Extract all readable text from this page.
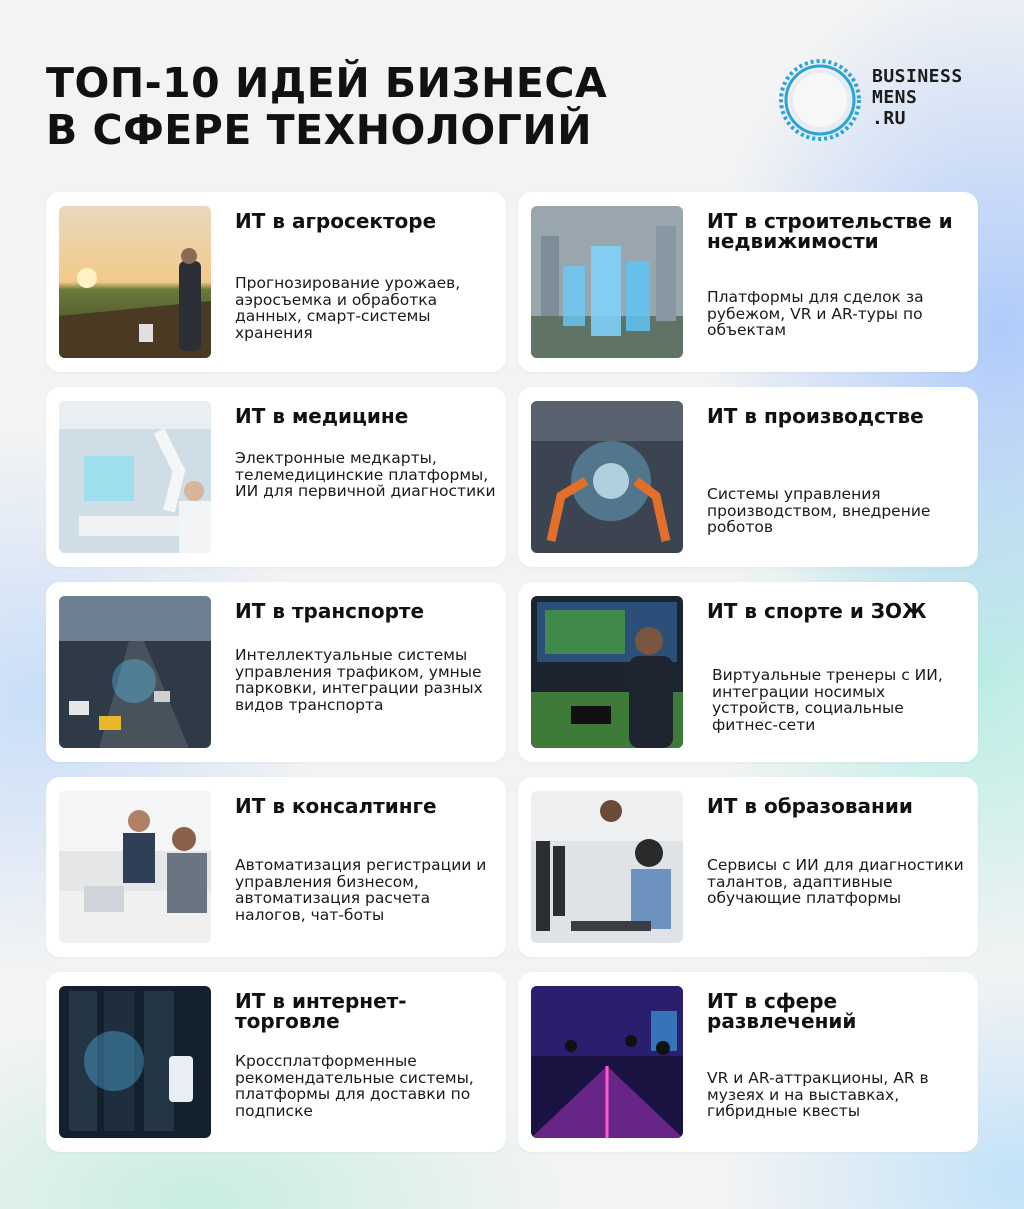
ТОП-10 ИДЕЙ БИЗНЕСА
В СФЕРЕ ТЕХНОЛОГИЙ
BUSINESS
MENS
.RU

ИТ в агросекторе

Прогнозирование урожаев, аэросъемка и обработка данных, смарт-системы хранения

ИТ в строительстве и недвижимости

Платформы для сделок за рубежом, VR и AR-туры по объектам

ИТ в медицине

Электронные медкарты, телемедицинские платформы, ИИ для первичной диагностики

ИТ в производстве

Системы управления производством, внедрение роботов

ИТ в транспорте

Интеллектуальные системы управления трафиком, умные парковки, интеграции разных видов транспорта

ИТ в спорте и ЗОЖ

Виртуальные тренеры с ИИ, интеграции носимых устройств, социальные фитнес-сети

ИТ в консалтинге

Автоматизация регистрации и управления бизнесом, автоматизация расчета налогов, чат-боты

ИТ в образовании

Сервисы с ИИ для диагностики талантов, адаптивные обучающие платформы

ИТ в интернет-торговле

Кроссплатформенные рекомендательные системы, платформы для доставки по подписке

ИТ в сфере развлечений

VR и AR-аттракционы, AR в музеях и на выставках, гибридные квесты
